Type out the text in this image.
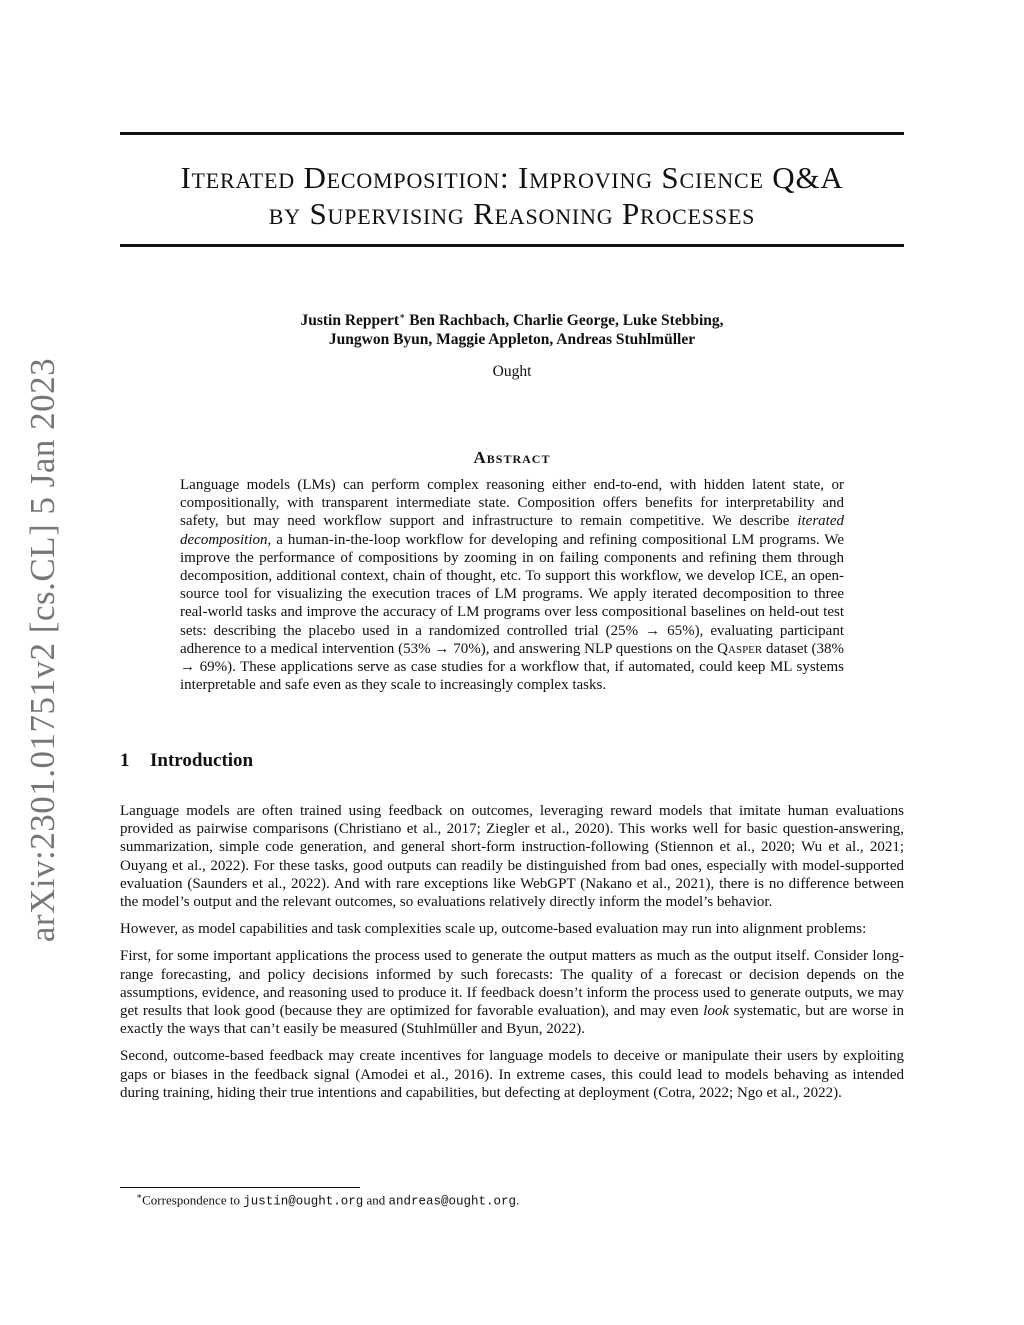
arXiv:2301.01751v2 [cs.CL] 5 Jan 2023
Iterated Decomposition: Improving Science Q&A
by Supervising Reasoning Processes
Justin Reppert∗ Ben Rachbach, Charlie George, Luke Stebbing,
Jungwon Byun, Maggie Appleton, Andreas Stuhlmüller
Ought
Abstract
Language models (LMs) can perform complex reasoning either end-to-end, with hidden latent state, or compositionally, with transparent intermediate state. Composition offers benefits for interpretability and safety, but may need workflow support and infrastructure to remain competitive. We describe iterated decomposition, a human-in-the-loop workflow for developing and refining compositional LM programs. We improve the performance of compositions by zooming in on failing components and refining them through decomposition, additional context, chain of thought, etc. To support this workflow, we develop ICE, an open-source tool for visualizing the execution traces of LM programs. We apply iterated decomposition to three real-world tasks and improve the accuracy of LM programs over less compositional baselines on held-out test sets: describing the placebo used in a randomized controlled trial (25% → 65%), evaluating participant adherence to a medical intervention (53% → 70%), and answering NLP questions on the Qasper dataset (38% → 69%). These applications serve as case studies for a workflow that, if automated, could keep ML systems interpretable and safe even as they scale to increasingly complex tasks.
1 Introduction

Language models are often trained using feedback on outcomes, leveraging reward models that imitate human evaluations provided as pairwise comparisons (Christiano et al., 2017; Ziegler et al., 2020). This works well for basic question-answering, summarization, simple code generation, and general short-form instruction-following (Stiennon et al., 2020; Wu et al., 2021; Ouyang et al., 2022). For these tasks, good outputs can readily be distinguished from bad ones, especially with model-supported evaluation (Saunders et al., 2022). And with rare exceptions like WebGPT (Nakano et al., 2021), there is no difference between the model’s output and the relevant outcomes, so evaluations relatively directly inform the model’s behavior.

However, as model capabilities and task complexities scale up, outcome-based evaluation may run into alignment problems:

First, for some important applications the process used to generate the output matters as much as the output itself. Consider long-range forecasting, and policy decisions informed by such forecasts: The quality of a forecast or decision depends on the assumptions, evidence, and reasoning used to produce it. If feedback doesn’t inform the process used to generate outputs, we may get results that look good (because they are optimized for favorable evaluation), and may even look systematic, but are worse in exactly the ways that can’t easily be measured (Stuhlmüller and Byun, 2022).

Second, outcome-based feedback may create incentives for language models to deceive or manipulate their users by exploiting gaps or biases in the feedback signal (Amodei et al., 2016). In extreme cases, this could lead to models behaving as intended during training, hiding their true intentions and capabilities, but defecting at deployment (Cotra, 2022; Ngo et al., 2022).

∗Correspondence to justin@ought.org and andreas@ought.org.
